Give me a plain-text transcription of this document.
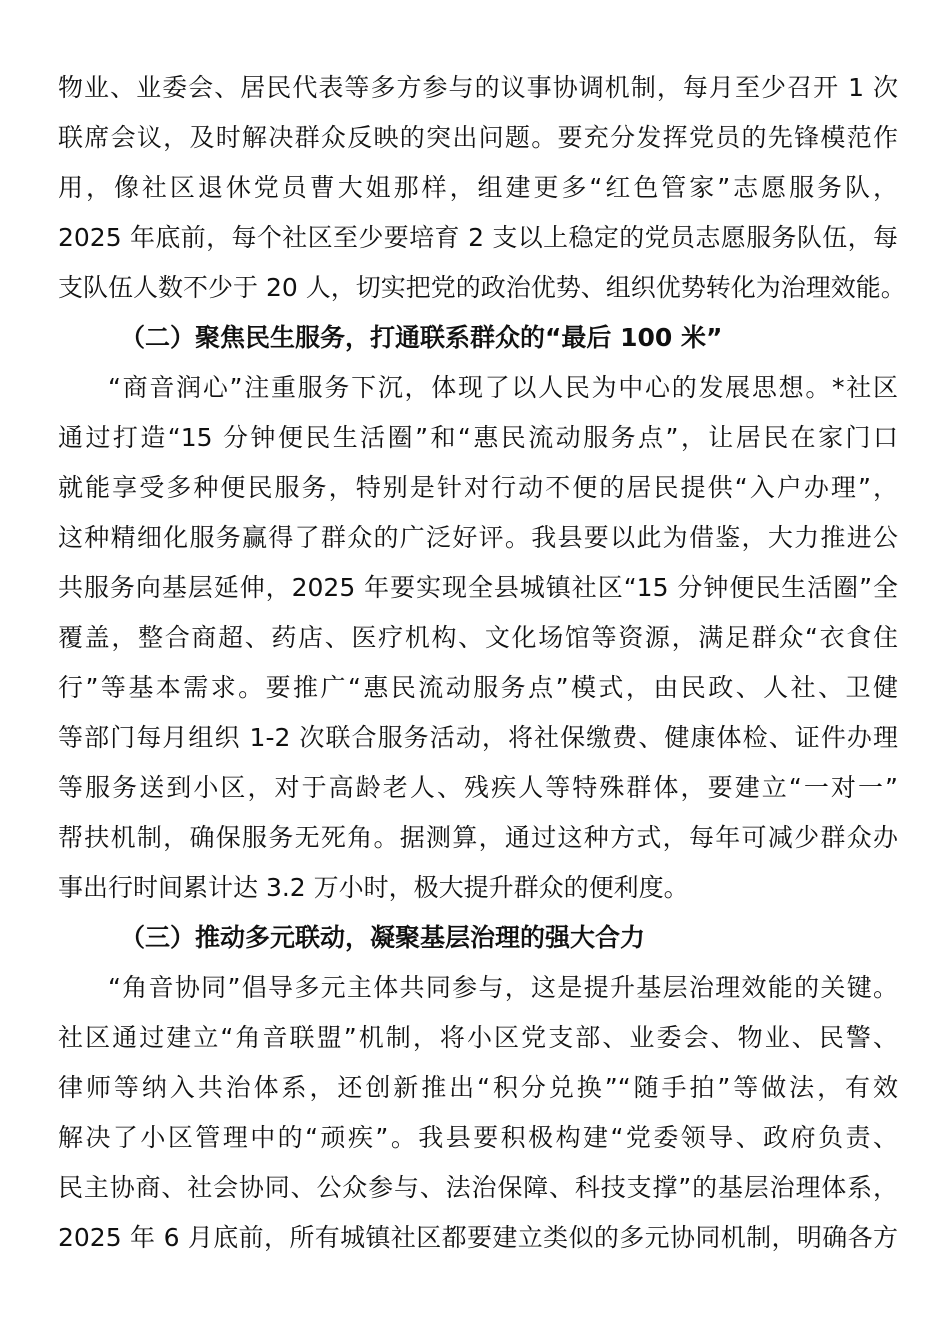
物业、业委会、居民代表等多方参与的议事协调机制，每月至少召开 1 次
联席会议，及时解决群众反映的突出问题。要充分发挥党员的先锋模范作
用，像社区退休党员曹大姐那样，组建更多“红色管家”志愿服务队，
2025 年底前，每个社区至少要培育 2 支以上稳定的党员志愿服务队伍，每
支队伍人数不少于 20 人，切实把党的政治优势、组织优势转化为治理效能。
（二）聚焦民生服务，打通联系群众的“最后 100 米”
“商音润心”注重服务下沉，体现了以人民为中心的发展思想。*社区
通过打造“15 分钟便民生活圈”和“惠民流动服务点”，让居民在家门口
就能享受多种便民服务，特别是针对行动不便的居民提供“入户办理”，
这种精细化服务赢得了群众的广泛好评。我县要以此为借鉴，大力推进公
共服务向基层延伸，2025 年要实现全县城镇社区“15 分钟便民生活圈”全
覆盖，整合商超、药店、医疗机构、文化场馆等资源，满足群众“衣食住
行”等基本需求。要推广“惠民流动服务点”模式，由民政、人社、卫健
等部门每月组织 1-2 次联合服务活动，将社保缴费、健康体检、证件办理
等服务送到小区，对于高龄老人、残疾人等特殊群体，要建立“一对一”
帮扶机制，确保服务无死角。据测算，通过这种方式，每年可减少群众办
事出行时间累计达 3.2 万小时，极大提升群众的便利度。
（三）推动多元联动，凝聚基层治理的强大合力
“角音协同”倡导多元主体共同参与，这是提升基层治理效能的关键。
社区通过建立“角音联盟”机制，将小区党支部、业委会、物业、民警、
律师等纳入共治体系，还创新推出“积分兑换”“随手拍”等做法，有效
解决了小区管理中的“顽疾”。我县要积极构建“党委领导、政府负责、
民主协商、社会协同、公众参与、法治保障、科技支撑”的基层治理体系，
2025 年 6 月底前，所有城镇社区都要建立类似的多元协同机制，明确各方
